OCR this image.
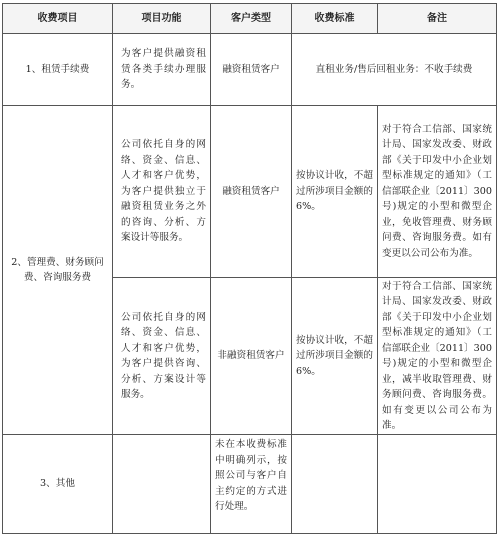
收费项目	项目功能	客户类型	收费标准	备注
1、租赁手续费	为客户提供融资租赁各类手续办理服务。	融资租赁客户	直租业务/售后回租业务：不收手续费	
2、管理费、财务顾问费、咨询服务费	公司依托自身的网络、资金、信息、人才和客户优势，为客户提供独立于融资租赁业务之外的咨询、分析、方案设计等服务。	融资租赁客户	按协议计收，不超过所涉项目金额的6%。	对于符合工信部、国家统计局、国家发改委、财政部《关于印发中小企业划型标准规定的通知》（工信部联企业〔2011〕300号)规定的小型和微型企业，免收管理费、财务顾问费、咨询服务费。如有变更以公司公布为准。
	公司依托自身的网络、资金、信息、人才和客户优势，为客户提供咨询、分析、方案设计等服务。	非融资租赁客户	按协议计收，不超过所涉项目金额的6%。	对于符合工信部、国家统计局、国家发改委、财政部《关于印发中小企业划型标准规定的通知》（工信部联企业〔2011〕300号)规定的小型和微型企业，减半收取管理费、财务顾问费、咨询服务费。如有变更以公司公布为准。
3、其他		未在本收费标准中明确列示，按照公司与客户自主约定的方式进行处理。		
